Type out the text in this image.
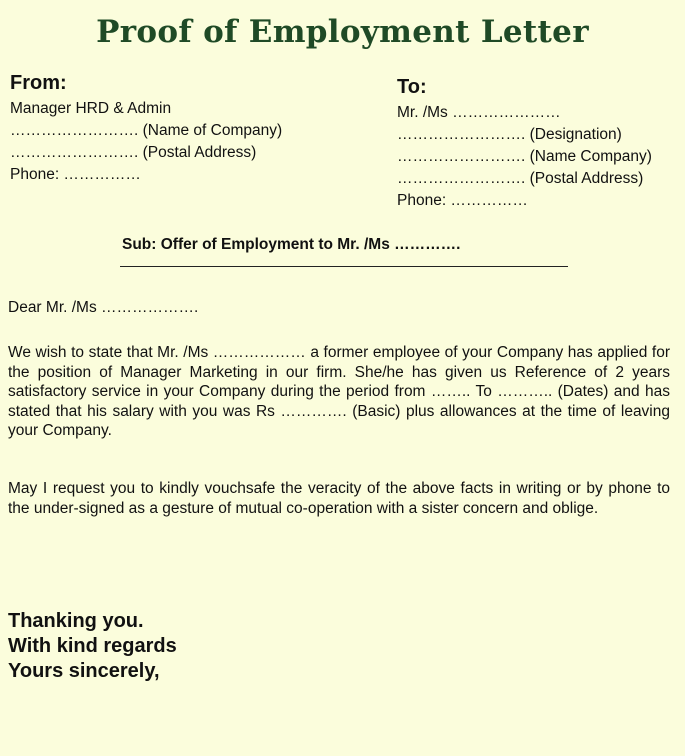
Proof of Employment Letter
From:
Manager HRD & Admin
……………………. (Name of Company)
……………………. (Postal Address)
Phone: ……………
To:
Mr. /Ms …………………
……………………. (Designation)
……………………. (Name Company)
……………………. (Postal Address)
Phone: ……………
Sub: Offer of Employment to Mr. /Ms ………….
Dear Mr. /Ms ……………….
We wish to state that Mr. /Ms ……………… a former employee of your Company has applied for the position of Manager Marketing in our firm. She/he has given us Reference of 2 years satisfactory service in your Company during the period from …….. To ……….. (Dates) and has stated that his salary with you was Rs …………. (Basic) plus allowances at the time of leaving your Company.
May I request you to kindly vouchsafe the veracity of the above facts in writing or by phone to the under-signed as a gesture of mutual co-operation with a sister concern and oblige.
Thanking you.
With kind regards
Yours sincerely,
